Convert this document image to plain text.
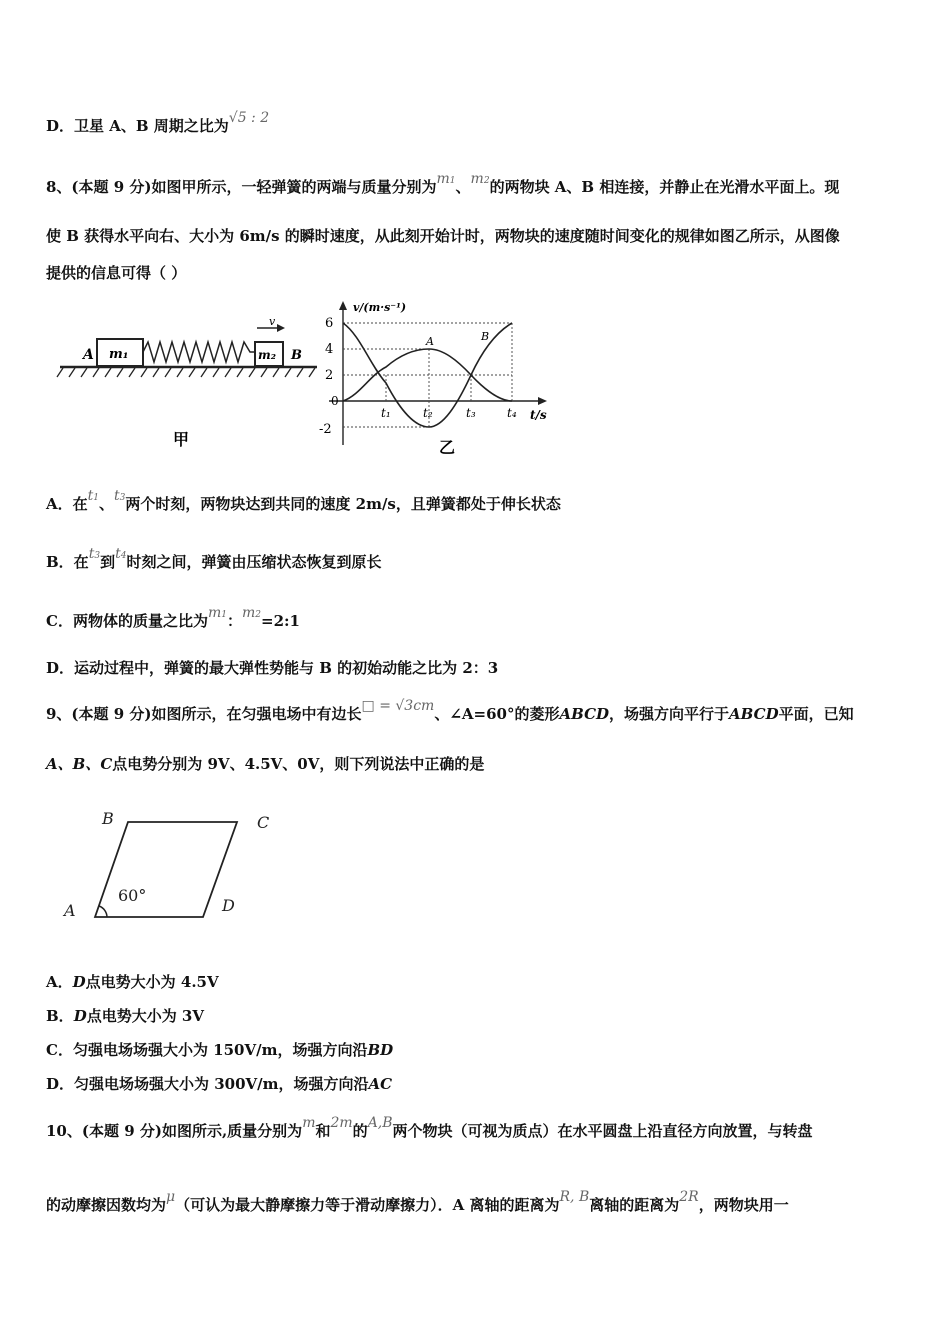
D．卫星 A、B 周期之比为√5 : 2
8、(本题 9 分)如图甲所示，一轻弹簧的两端与质量分别为m1、m2的两物块 A、B 相连接，并静止在光滑水平面上。现
使 B 获得水平向右、大小为 6m/s 的瞬时速度，从此刻开始计时，两物块的速度随时间变化的规律如图乙所示，从图像
提供的信息可得（ ）
A m₁	m₂ B
v
甲
v/(m·s⁻¹)
t/s
6
4
2
0
-2
t₁	t₂	t₃	t₄
A	B
乙
A．在t1、t3两个时刻，两物块达到共同的速度 2m/s，且弹簧都处于伸长状态
B．在t3到t4时刻之间，弹簧由压缩状态恢复到原长
C．两物体的质量之比为m1：m2=2:1
D．运动过程中，弹簧的最大弹性势能与 B 的初始动能之比为 2：3
9、(本题 9 分)如图所示，在匀强电场中有边长□ = √3cm、∠A=60°的菱形ABCD，场强方向平行于ABCD平面，已知
A、B、C点电势分别为 9V、4.5V、0V，则下列说法中正确的是
A
B	C
D
60°
A．D点电势大小为 4.5V
B．D点电势大小为 3V
C．匀强电场场强大小为 150V/m，场强方向沿BD
D．匀强电场场强大小为 300V/m，场强方向沿AC
10、(本题 9 分)如图所示,质量分别为m和2m的A,B两个物块（可视为质点）在水平圆盘上沿直径方向放置，与转盘
的动摩擦因数均为μ（可认为最大静摩擦力等于滑动摩擦力）．A 离轴的距离为R, B离轴的距离为2R，两物块用一
